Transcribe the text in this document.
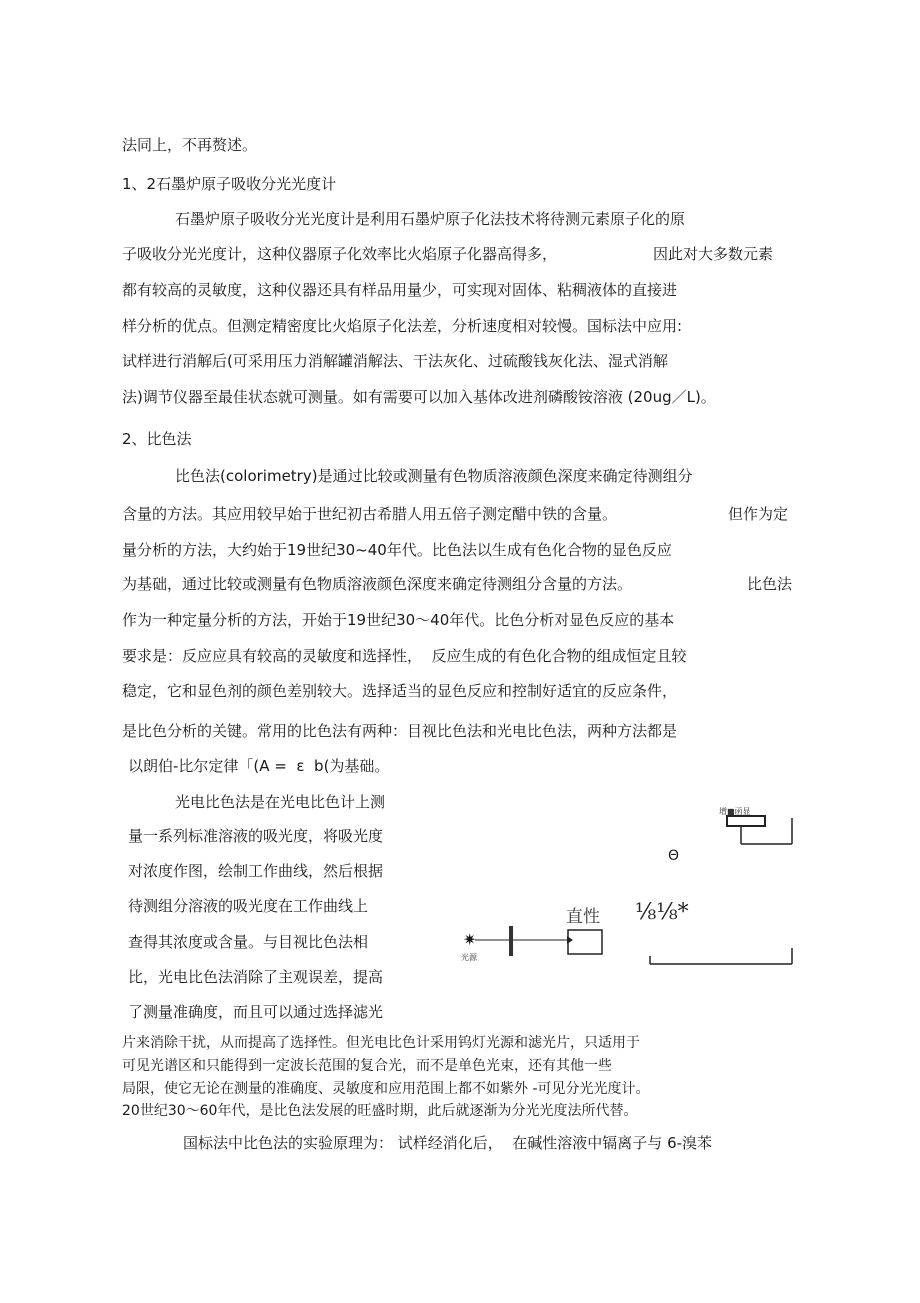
法同上，不再赘述。
1、2石墨炉原子吸收分光光度计
石墨炉原子吸收分光光度计是利用石墨炉原子化法技术将待测元素原子化的原
子吸收分光光度计，这种仪器原子化效率比火焰原子化器高得多，	因此对大多数元素
都有较高的灵敏度，这种仪器还具有样品用量少，可实现对固体、粘稠液体的直接进
样分析的优点。但测定精密度比火焰原子化法差，分析速度相对较慢。国标法中应用:
试样进行消解后(可采用压力消解罐消解法、干法灰化、过硫酸钱灰化法、湿式消解
法)调节仪器至最佳状态就可测量。如有需要可以加入基体改进剂磷酸铵溶液 (20ug／L)。
2、比色法
比色法(colorimetry)是通过比较或测量有色物质溶液颜色深度来确定待测组分
含量的方法。其应用较早始于世纪初古希腊人用五倍子测定醋中铁的含量。	但作为定
量分析的方法，大约始于19世纪30~40年代。比色法以生成有色化合物的显色反应
为基础，通过比较或测量有色物质溶液颜色深度来确定待测组分含量的方法。	比色法
作为一种定量分析的方法，开始于19世纪30～40年代。比色分析对显色反应的基本
要求是：反应应具有较高的灵敏度和选择性，  反应生成的有色化合物的组成恒定且较
稳定，它和显色剂的颜色差别较大。选择适当的显色反应和控制好适宜的反应条件，
是比色分析的关键。常用的比色法有两种：目视比色法和光电比色法，两种方法都是
以朗伯-比尔定律「(A =  ε  b(为基础。
光电比色法是在光电比色计上测
量一系列标准溶液的吸光度，将吸光度
对浓度作图，绘制工作曲线，然后根据
待测组分溶液的吸光度在工作曲线上
查得其浓度或含量。与目视比色法相
比，光电比色法消除了主观误差，提高
了测量准确度，而且可以通过选择滤光
片来消除干扰，从而提高了选择性。但光电比色计采用钨灯光源和滤光片，只适用于
可见光谱区和只能得到一定波长范围的复合光，而不是单色光束，还有其他一些
局限，使它无论在测量的准确度、灵敏度和应用范围上都不如紫外 -可见分光光度计。
20世纪30～60年代，是比色法发展的旺盛时期，此后就逐渐为分光光度法所代替。
国标法中比色法的实验原理为： 试样经消化后，  在碱性溶液中镉离子与 6-溴苯
直性
✷
光源
增■函显
Θ
⅛⅛*
